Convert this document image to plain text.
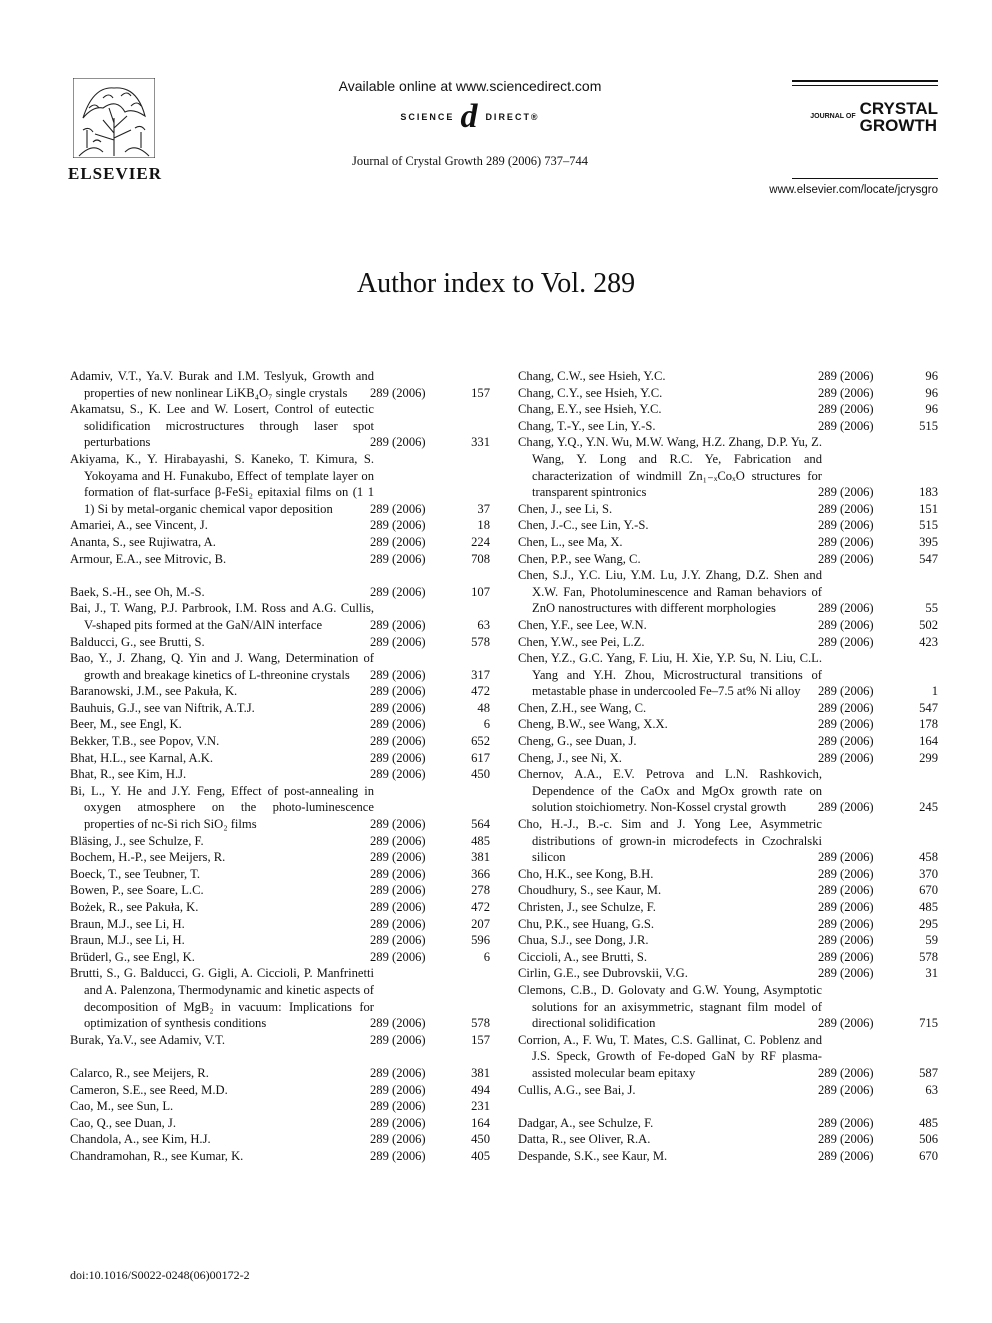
ELSEVIER
Available online at www.sciencedirect.com
SCIENCE d DIRECT®
Journal of Crystal Growth 289 (2006) 737–744
JOURNAL OF CRYSTAL
GROWTH
www.elsevier.com/locate/jcrysgro
Author index to Vol. 289
Adamiv, V.T., Ya.V. Burak and I.M. Teslyuk, Growth and properties of new nonlinear LiKB₄O₇ single crystals	289 (2006)	157
Akamatsu, S., K. Lee and W. Losert, Control of eutectic solidification microstructures through laser spot perturbations	289 (2006)	331
Akiyama, K., Y. Hirabayashi, S. Kaneko, T. Kimura, S. Yokoyama and H. Funakubo, Effect of template layer on formation of flat-surface β-FeSi₂ epitaxial films on (1 1 1) Si by metal-organic chemical vapor deposition	289 (2006)	37
Amariei, A., see Vincent, J.	289 (2006)	18
Ananta, S., see Rujiwatra, A.	289 (2006)	224
Armour, E.A., see Mitrovic, B.	289 (2006)	708
Baek, S.-H., see Oh, M.-S.	289 (2006)	107
Bai, J., T. Wang, P.J. Parbrook, I.M. Ross and A.G. Cullis, V-shaped pits formed at the GaN/AlN interface	289 (2006)	63
Balducci, G., see Brutti, S.	289 (2006)	578
Bao, Y., J. Zhang, Q. Yin and J. Wang, Determination of growth and breakage kinetics of L-threonine crystals	289 (2006)	317
Baranowski, J.M., see Pakuła, K.	289 (2006)	472
Bauhuis, G.J., see van Niftrik, A.T.J.	289 (2006)	48
Beer, M., see Engl, K.	289 (2006)	6
Bekker, T.B., see Popov, V.N.	289 (2006)	652
Bhat, H.L., see Karnal, A.K.	289 (2006)	617
Bhat, R., see Kim, H.J.	289 (2006)	450
Bi, L., Y. He and J.Y. Feng, Effect of post-annealing in oxygen atmosphere on the photo-luminescence properties of nc-Si rich SiO₂ films	289 (2006)	564
Bläsing, J., see Schulze, F.	289 (2006)	485
Bochem, H.-P., see Meijers, R.	289 (2006)	381
Boeck, T., see Teubner, T.	289 (2006)	366
Bowen, P., see Soare, L.C.	289 (2006)	278
Bożek, R., see Pakuła, K.	289 (2006)	472
Braun, M.J., see Li, H.	289 (2006)	207
Braun, M.J., see Li, H.	289 (2006)	596
Brüderl, G., see Engl, K.	289 (2006)	6
Brutti, S., G. Balducci, G. Gigli, A. Ciccioli, P. Manfrinetti and A. Palenzona, Thermodynamic and kinetic aspects of decomposition of MgB₂ in vacuum: Implications for optimization of synthesis conditions	289 (2006)	578
Burak, Ya.V., see Adamiv, V.T.	289 (2006)	157
Calarco, R., see Meijers, R.	289 (2006)	381
Cameron, S.E., see Reed, M.D.	289 (2006)	494
Cao, M., see Sun, L.	289 (2006)	231
Cao, Q., see Duan, J.	289 (2006)	164
Chandola, A., see Kim, H.J.	289 (2006)	450
Chandramohan, R., see Kumar, K.	289 (2006)	405
Chang, C.W., see Hsieh, Y.C.	289 (2006)	96
Chang, C.Y., see Hsieh, Y.C.	289 (2006)	96
Chang, E.Y., see Hsieh, Y.C.	289 (2006)	96
Chang, T.-Y., see Lin, Y.-S.	289 (2006)	515
Chang, Y.Q., Y.N. Wu, M.W. Wang, H.Z. Zhang, D.P. Yu, Z. Wang, Y. Long and R.C. Ye, Fabrication and characterization of windmill Zn₁₋ₓCoₓO structures for transparent spintronics	289 (2006)	183
Chen, J., see Li, S.	289 (2006)	151
Chen, J.-C., see Lin, Y.-S.	289 (2006)	515
Chen, L., see Ma, X.	289 (2006)	395
Chen, P.P., see Wang, C.	289 (2006)	547
Chen, S.J., Y.C. Liu, Y.M. Lu, J.Y. Zhang, D.Z. Shen and X.W. Fan, Photoluminescence and Raman behaviors of ZnO nanostructures with different morphologies	289 (2006)	55
Chen, Y.F., see Lee, W.N.	289 (2006)	502
Chen, Y.W., see Pei, L.Z.	289 (2006)	423
Chen, Y.Z., G.C. Yang, F. Liu, H. Xie, Y.P. Su, N. Liu, C.L. Yang and Y.H. Zhou, Microstructural transitions of metastable phase in undercooled Fe–7.5 at% Ni alloy	289 (2006)	1
Chen, Z.H., see Wang, C.	289 (2006)	547
Cheng, B.W., see Wang, X.X.	289 (2006)	178
Cheng, G., see Duan, J.	289 (2006)	164
Cheng, J., see Ni, X.	289 (2006)	299
Chernov, A.A., E.V. Petrova and L.N. Rashkovich, Dependence of the CaOx and MgOx growth rate on solution stoichiometry. Non-Kossel crystal growth	289 (2006)	245
Cho, H.-J., B.-c. Sim and J. Yong Lee, Asymmetric distributions of grown-in microdefects in Czochralski silicon	289 (2006)	458
Cho, H.K., see Kong, B.H.	289 (2006)	370
Choudhury, S., see Kaur, M.	289 (2006)	670
Christen, J., see Schulze, F.	289 (2006)	485
Chu, P.K., see Huang, G.S.	289 (2006)	295
Chua, S.J., see Dong, J.R.	289 (2006)	59
Ciccioli, A., see Brutti, S.	289 (2006)	578
Cirlin, G.E., see Dubrovskii, V.G.	289 (2006)	31
Clemons, C.B., D. Golovaty and G.W. Young, Asymptotic solutions for an axisymmetric, stagnant film model of directional solidification	289 (2006)	715
Corrion, A., F. Wu, T. Mates, C.S. Gallinat, C. Poblenz and J.S. Speck, Growth of Fe-doped GaN by RF plasma-assisted molecular beam epitaxy	289 (2006)	587
Cullis, A.G., see Bai, J.	289 (2006)	63
Dadgar, A., see Schulze, F.	289 (2006)	485
Datta, R., see Oliver, R.A.	289 (2006)	506
Despande, S.K., see Kaur, M.	289 (2006)	670
doi:10.1016/S0022-0248(06)00172-2
